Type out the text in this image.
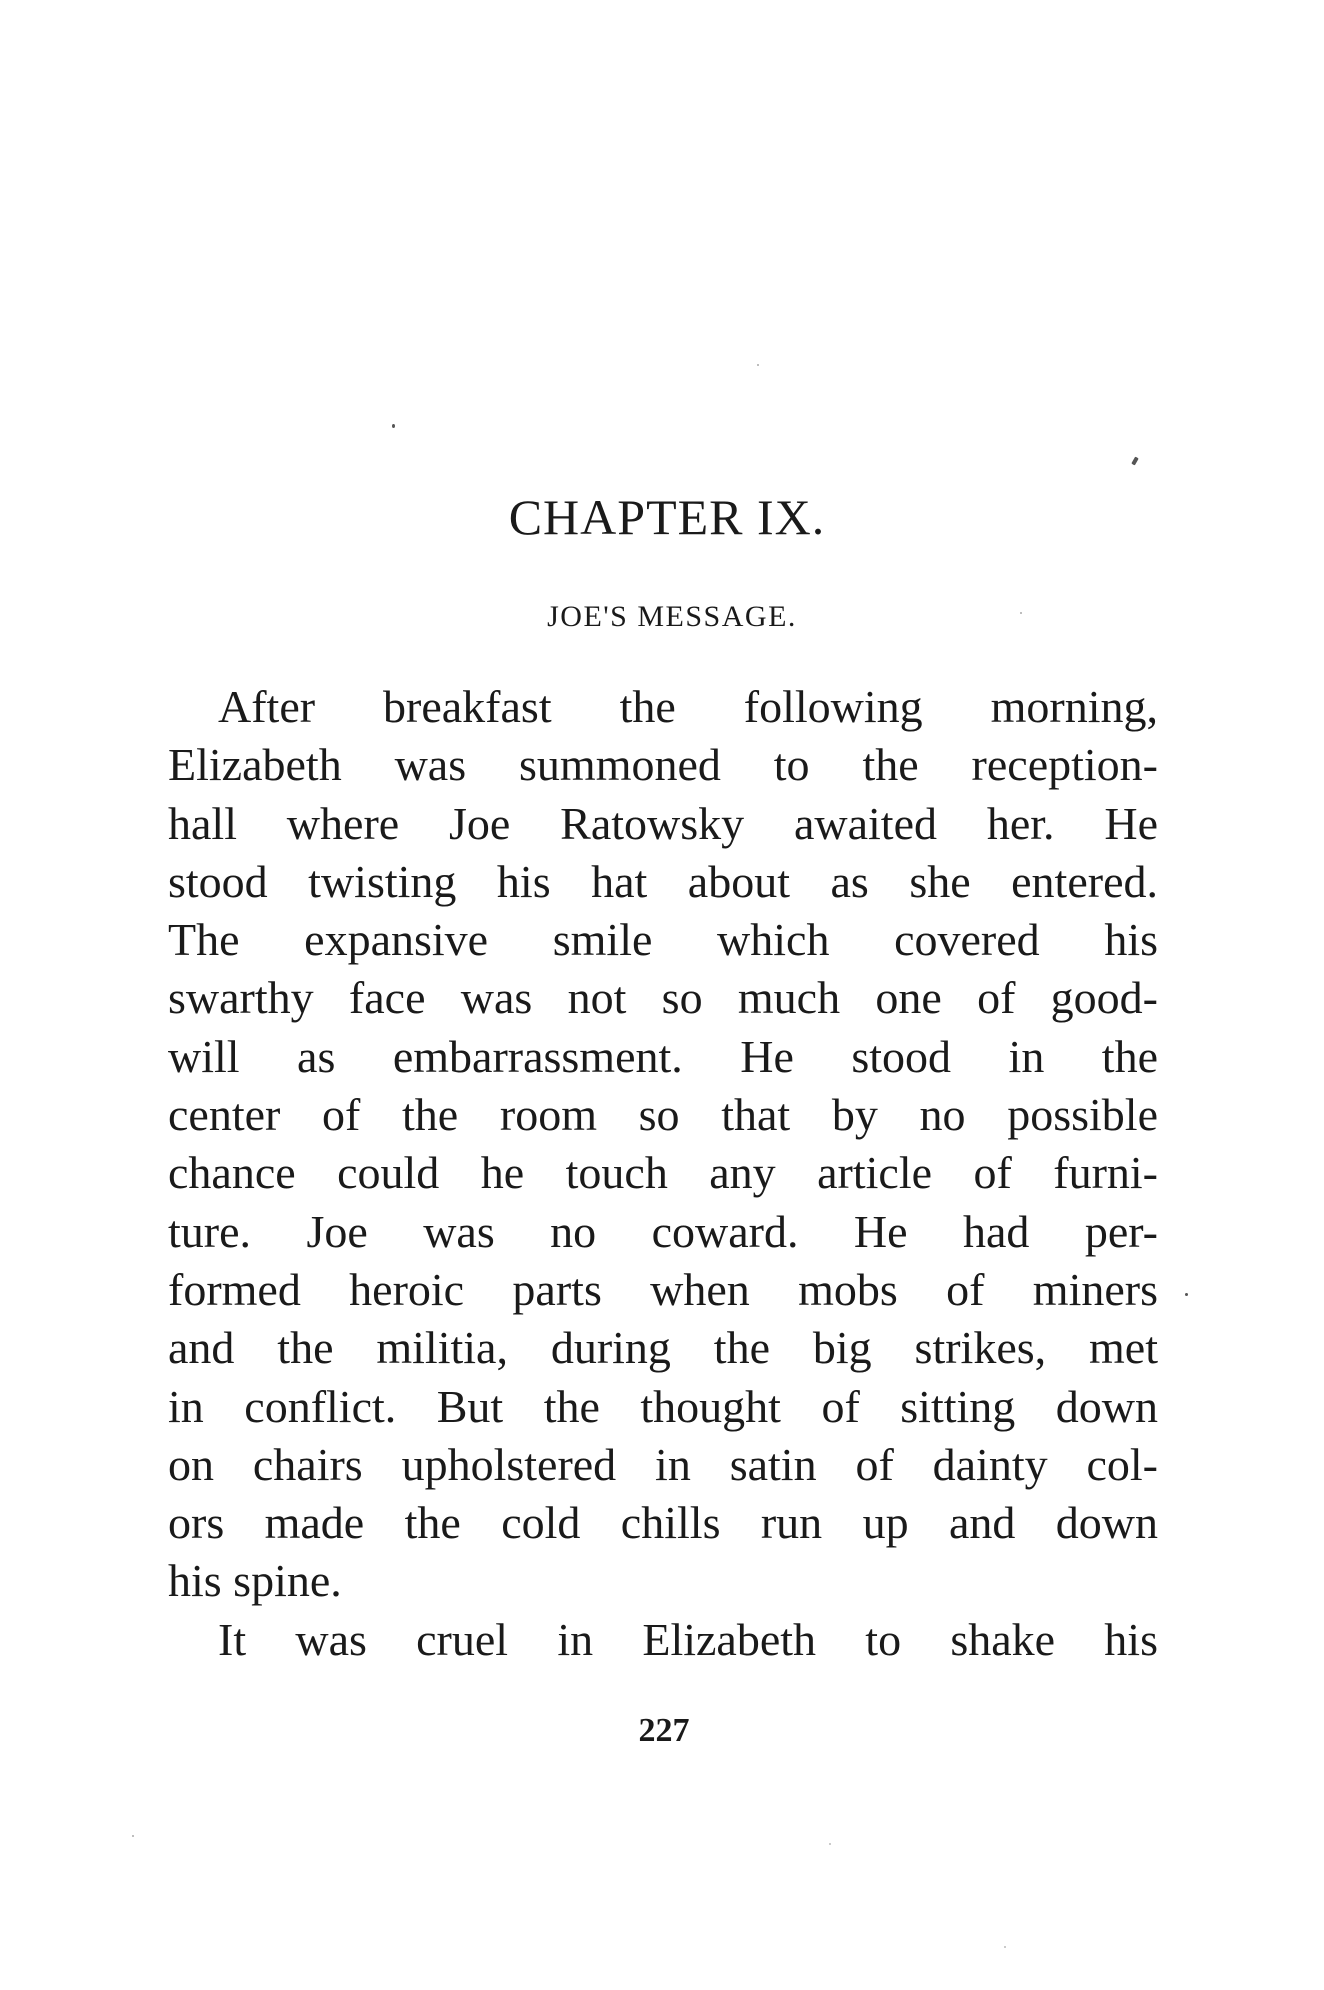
CHAPTER IX.
JOE'S MESSAGE.
After breakfast the following morning,
Elizabeth was summoned to the reception-
hall where Joe Ratowsky awaited her. He
stood twisting his hat about as she entered.
The expansive smile which covered his
swarthy face was not so much one of good-
will as embarrassment. He stood in the
center of the room so that by no possible
chance could he touch any article of furni-
ture. Joe was no coward. He had per-
formed heroic parts when mobs of miners
and the militia, during the big strikes, met
in conflict. But the thought of sitting down
on chairs upholstered in satin of dainty col-
ors made the cold chills run up and down
his spine.
It was cruel in Elizabeth to shake his
227
